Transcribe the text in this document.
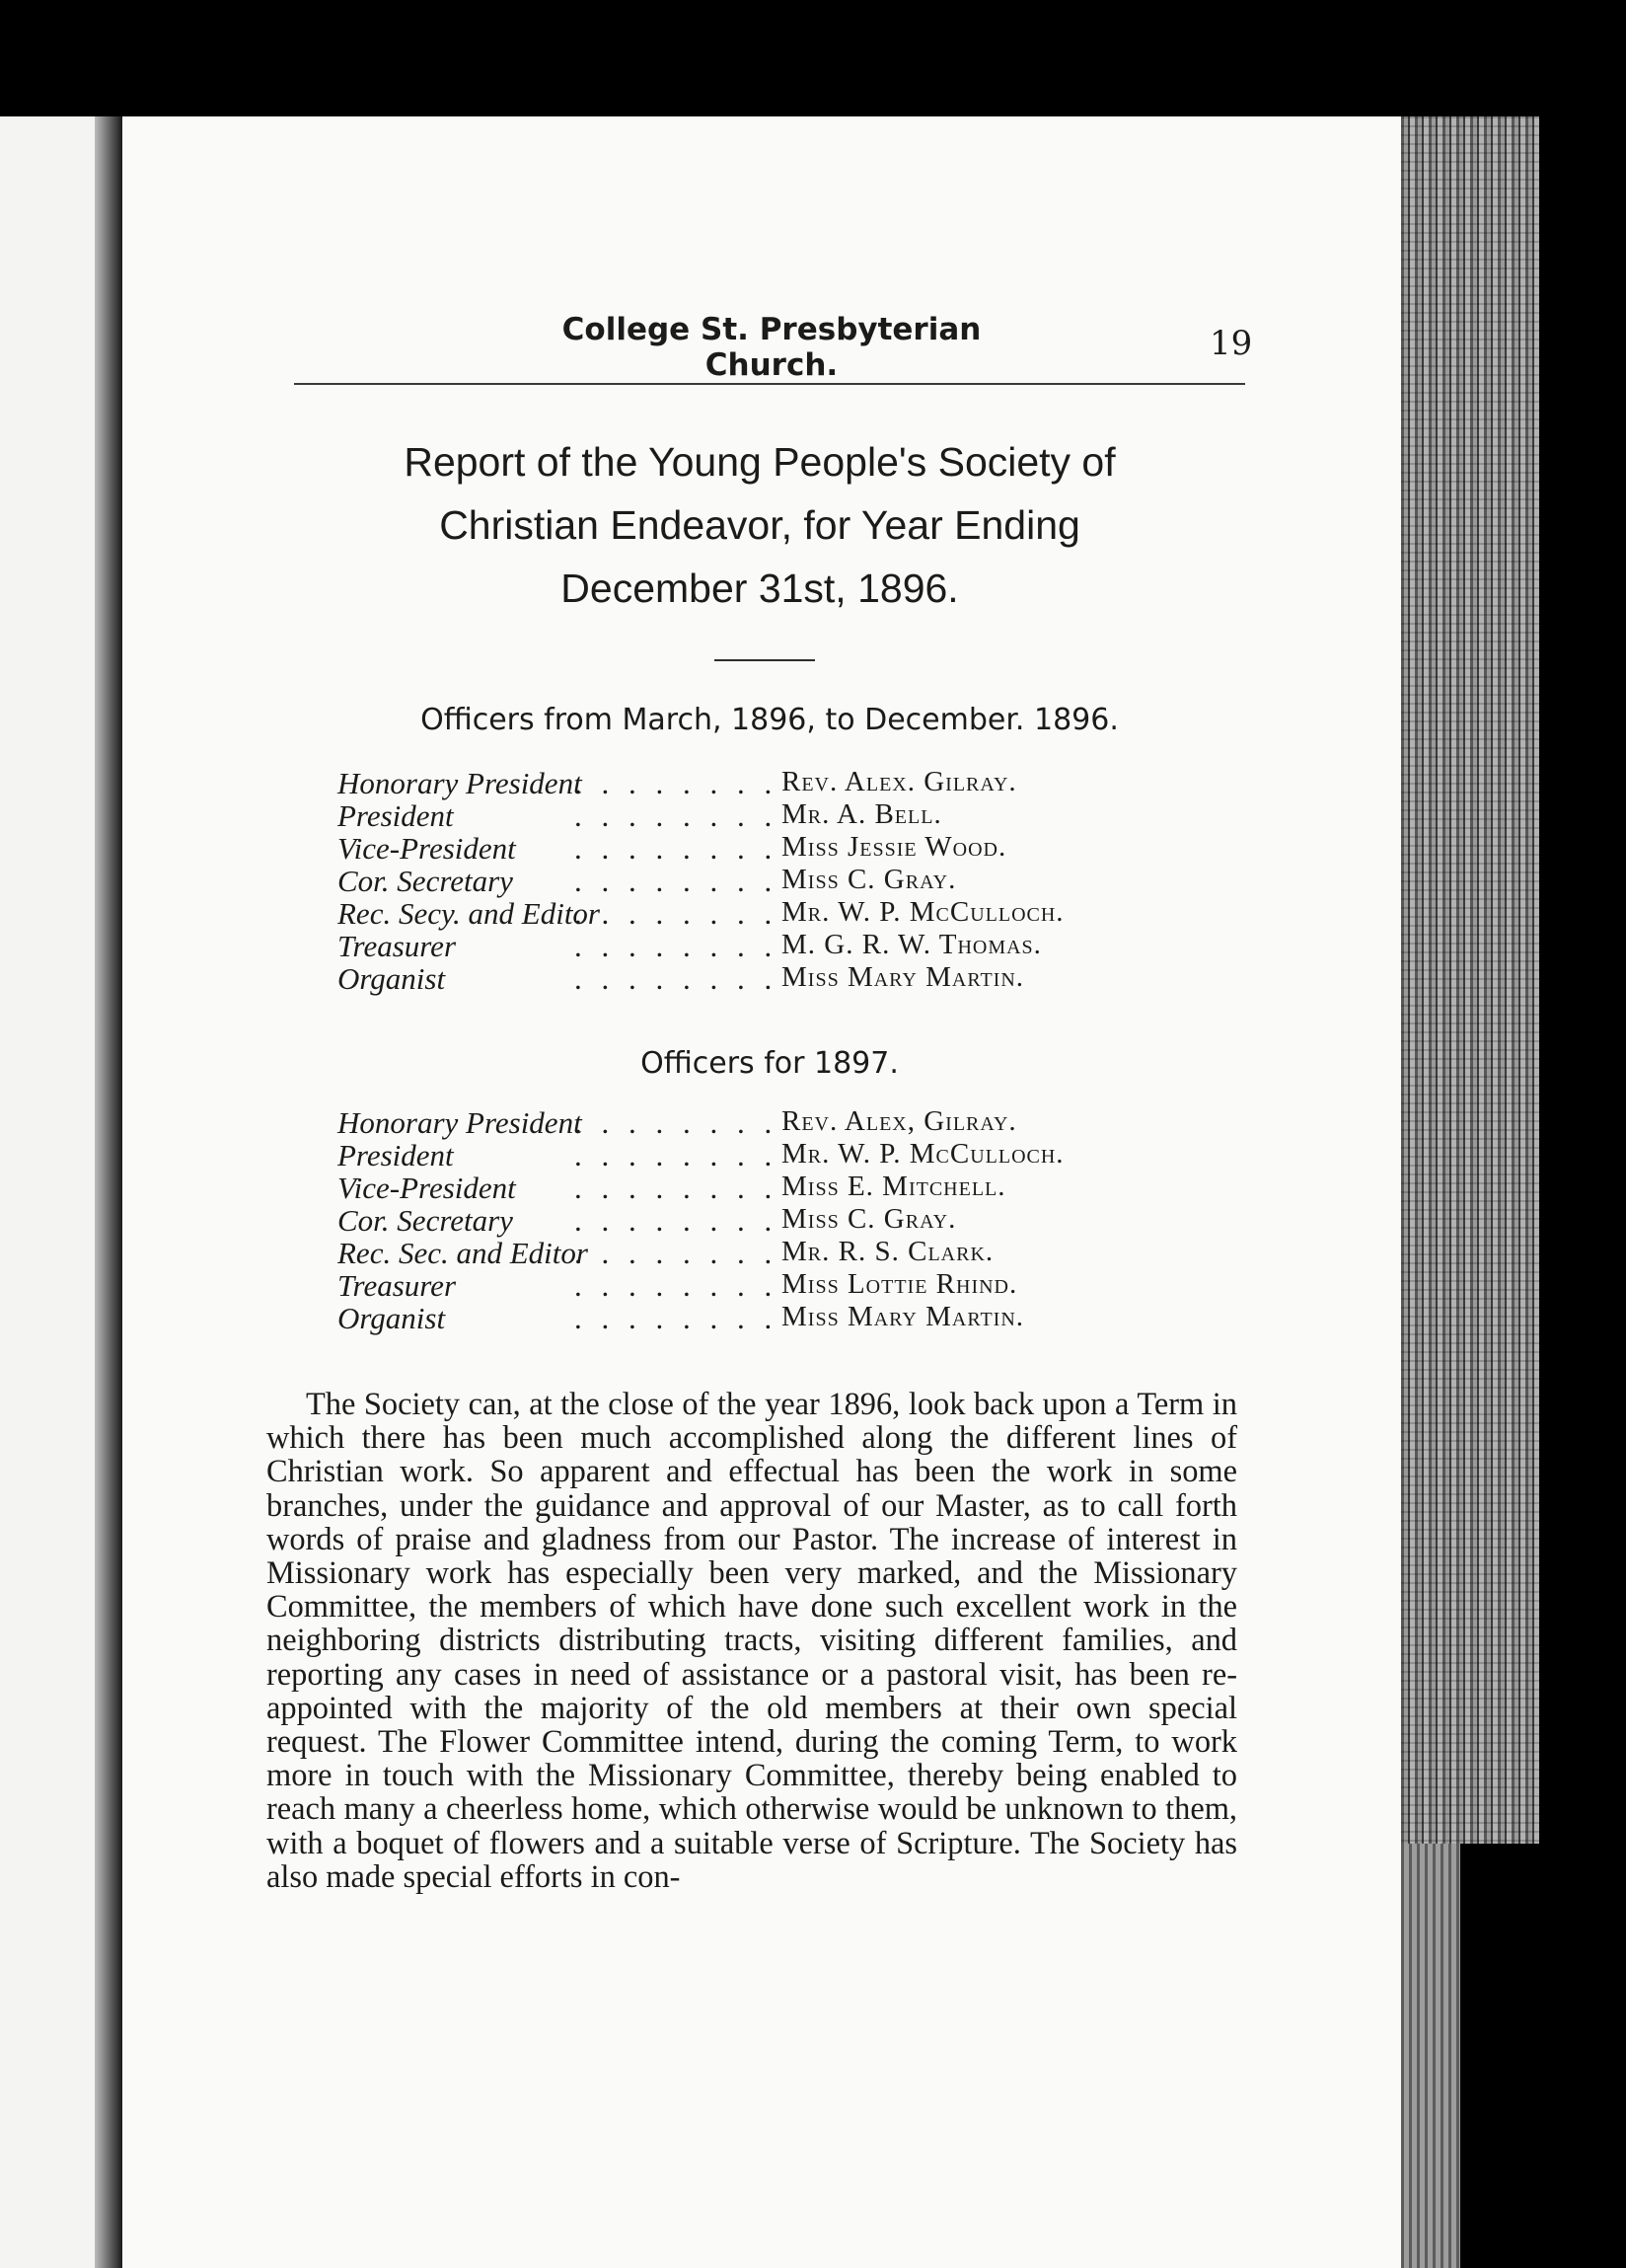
College St. Presbyterian Church.
19
Report of the Young People's Society of
Christian Endeavor, for Year Ending
December 31st, 1896.
Officers from March, 1896, to December. 1896.
Honorary President
. . . . . . . . Rev. Alex. Gilray.
President	. . . . . . . . Mr. A. Bell.
Vice-President . . . . . . . . Miss Jessie Wood.
Cor. Secretary . . . . . . . . Miss C. Gray.
Rec. Secy. and Editor
. . . . . . . . Mr. W. P. McCulloch.
Treasurer	. . . . . . . . M. G. R. W. Thomas.
Organist	. . . . . . . . Miss Mary Martin.
Officers for 1897.
Honorary President
. . . . . . . . Rev. Alex, Gilray.
President	. . . . . . . . Mr. W. P. McCulloch.
Vice-President . . . . . . . . Miss E. Mitchell.
Cor. Secretary . . . . . . . . Miss C. Gray.
Rec. Sec. and Editor
. . . . . . . . Mr. R. S. Clark.
Treasurer	. . . . . . . . Miss Lottie Rhind.
Organist	. . . . . . . . Miss Mary Martin.

The Society can, at the close of the year 1896, look back upon a Term in which there has been much accomplished along the different lines of Christian work. So apparent and effectual has been the work in some branches, under the guidance and approval of our Master, as to call forth words of praise and gladness from our Pastor. The increase of interest in Missionary work has especially been very marked, and the Missionary Committee, the members of which have done such excellent work in the neighboring districts distributing tracts, visiting different families, and reporting any cases in need of assistance or a pastoral visit, has been re-appointed with the majority of the old members at their own special request. The Flower Committee intend, during the coming Term, to work more in touch with the Missionary Committee, thereby being enabled to reach many a cheerless home, which otherwise would be unknown to them, with a boquet of flowers and a suitable verse of Scripture. The Society has also made special efforts in con-
